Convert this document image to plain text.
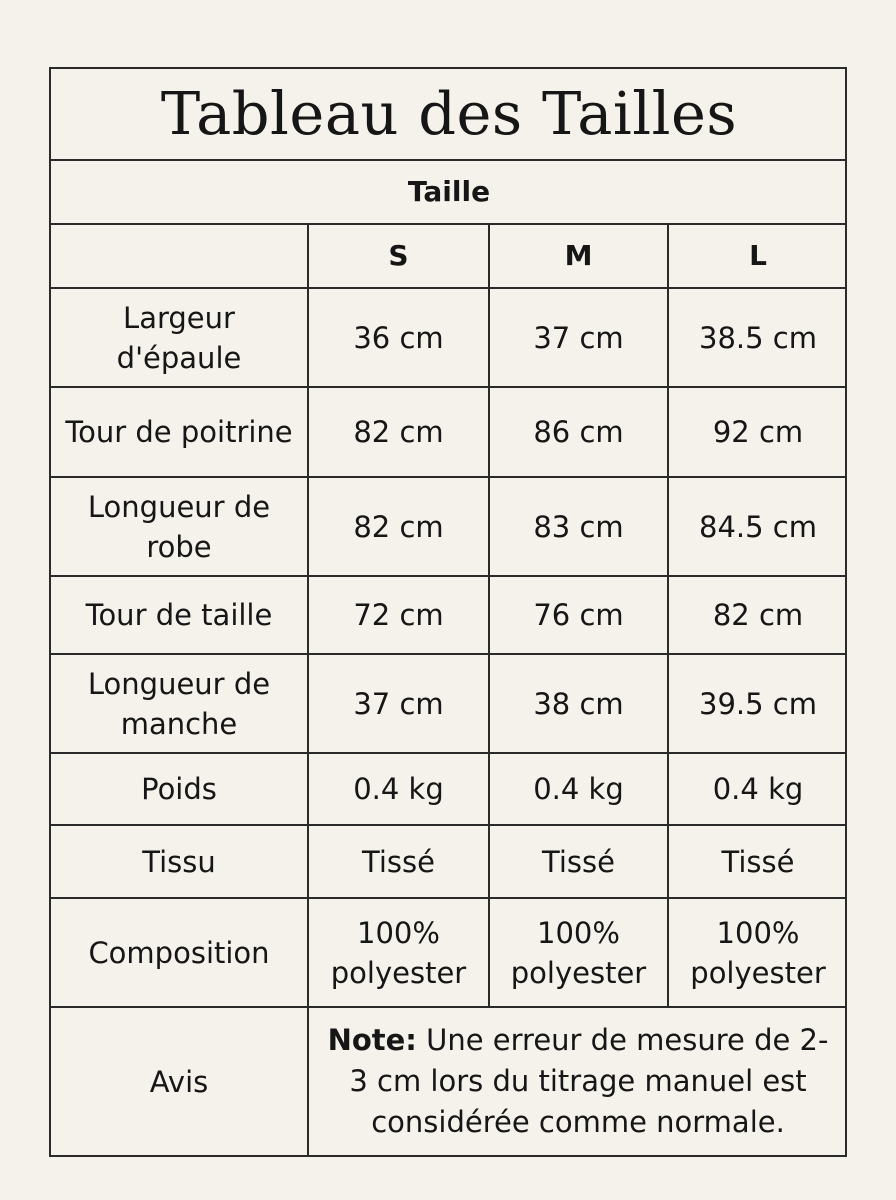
Tableau des Tailles			
Taille			
	S	M	L
Largeur d'épaule	36 cm	37 cm	38.5 cm
Tour de poitrine	82 cm	86 cm	92 cm
Longueur de robe	82 cm	83 cm	84.5 cm
Tour de taille	72 cm	76 cm	82 cm
Longueur de manche	37 cm	38 cm	39.5 cm
Poids	0.4 kg	0.4 kg	0.4 kg
Tissu	Tissé	Tissé	Tissé
Composition	100% polyester	100% polyester	100% polyester
Avis	Note: Une erreur de mesure de 2-3 cm lors du titrage manuel est considérée comme normale.		
